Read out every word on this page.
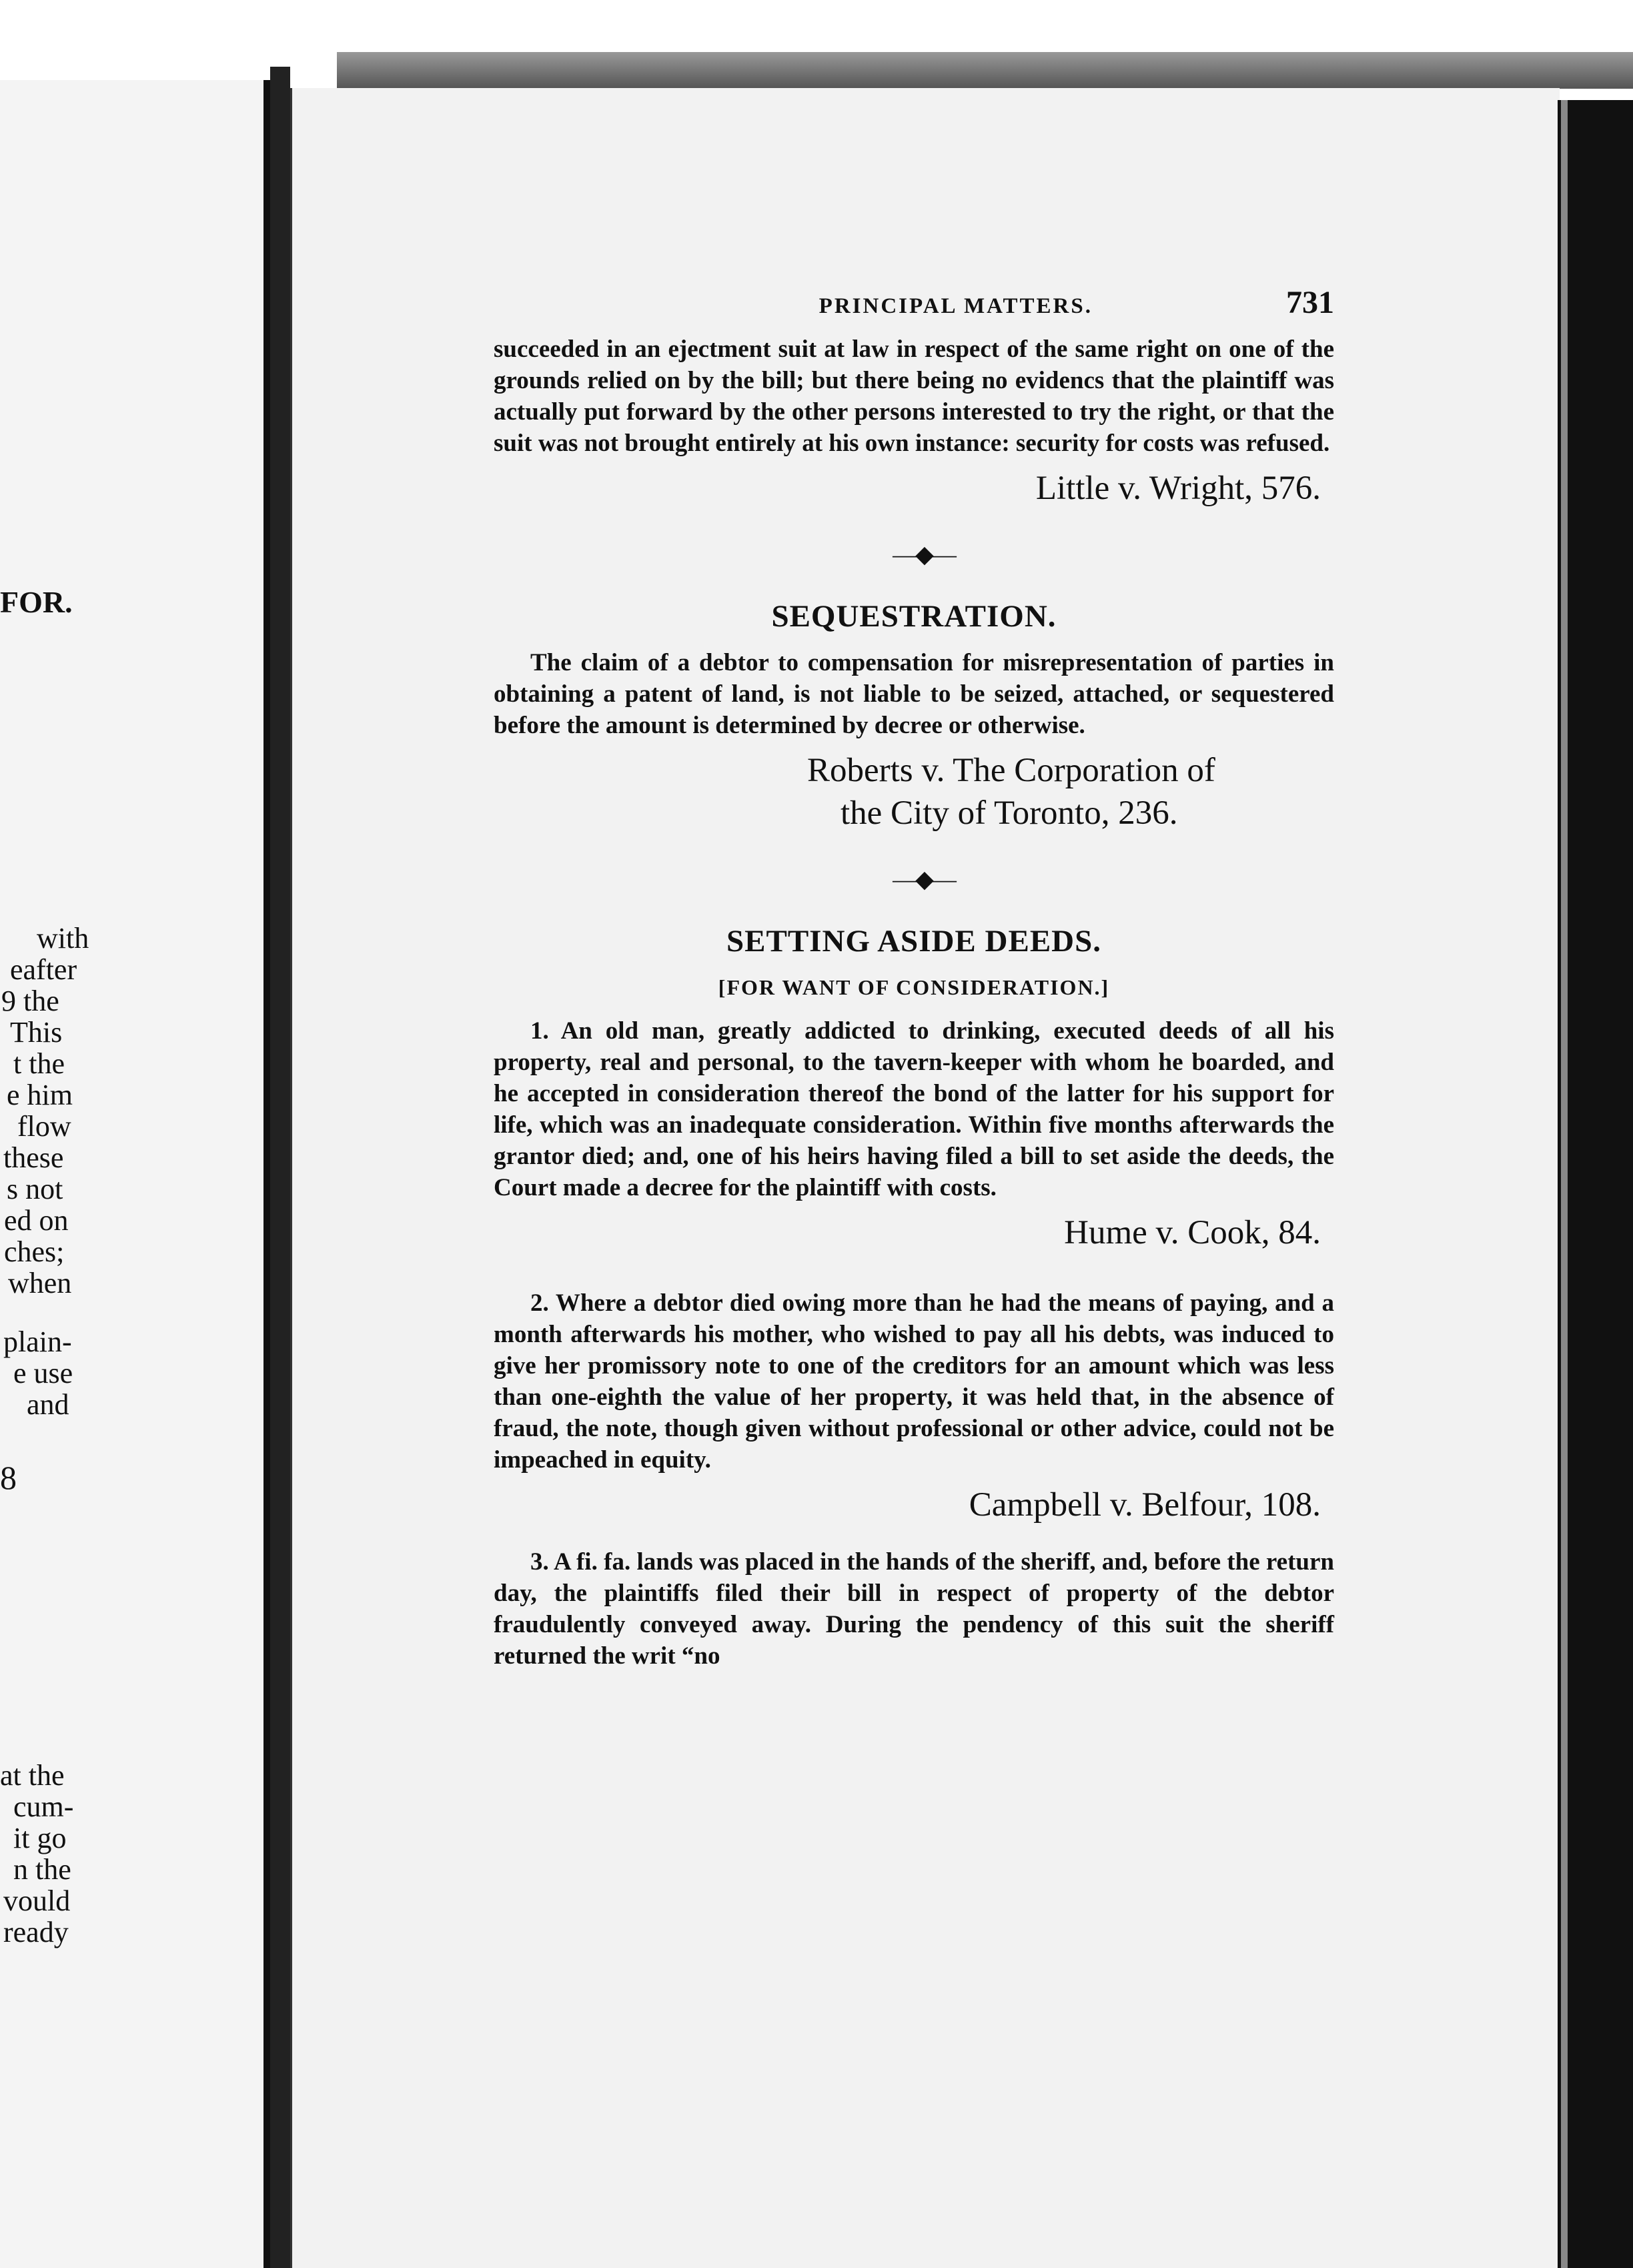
FOR.
with
eafter
9 the
This
t the
e him
flow
these
s not
ed on
ches;
when
plain-
e use
and
8
at the
cum-
it go
n the
vould
ready
PRINCIPAL MATTERS.	731

succeeded in an ejectment suit at law in respect of the same right on one of the grounds relied on by the bill; but there being no evidencs that the plaintiff was actually put forward by the other persons interested to try the right, or that the suit was not brought entirely at his own instance: security for costs was refused.

Little v. Wright, 576.
—◆—
SEQUESTRATION.

The claim of a debtor to compensation for misrepresentation of parties in obtaining a patent of land, is not liable to be seized, attached, or sequestered before the amount is determined by decree or otherwise.

Roberts v. The Corporation of
the City of Toronto, 236.
—◆—
SETTING ASIDE DEEDS.
[FOR WANT OF CONSIDERATION.]

1. An old man, greatly addicted to drinking, executed deeds of all his property, real and personal, to the tavern-keeper with whom he boarded, and he accepted in consideration thereof the bond of the latter for his support for life, which was an inadequate consideration. Within five months afterwards the grantor died; and, one of his heirs having filed a bill to set aside the deeds, the Court made a decree for the plaintiff with costs.

Hume v. Cook, 84.

2. Where a debtor died owing more than he had the means of paying, and a month afterwards his mother, who wished to pay all his debts, was induced to give her promissory note to one of the creditors for an amount which was less than one-eighth the value of her property, it was held that, in the absence of fraud, the note, though given without professional or other advice, could not be impeached in equity.

Campbell v. Belfour, 108.

3. A fi. fa. lands was placed in the hands of the sheriff, and, before the return day, the plaintiffs filed their bill in respect of property of the debtor fraudulently conveyed away. During the pendency of this suit the sheriff returned the writ “no
